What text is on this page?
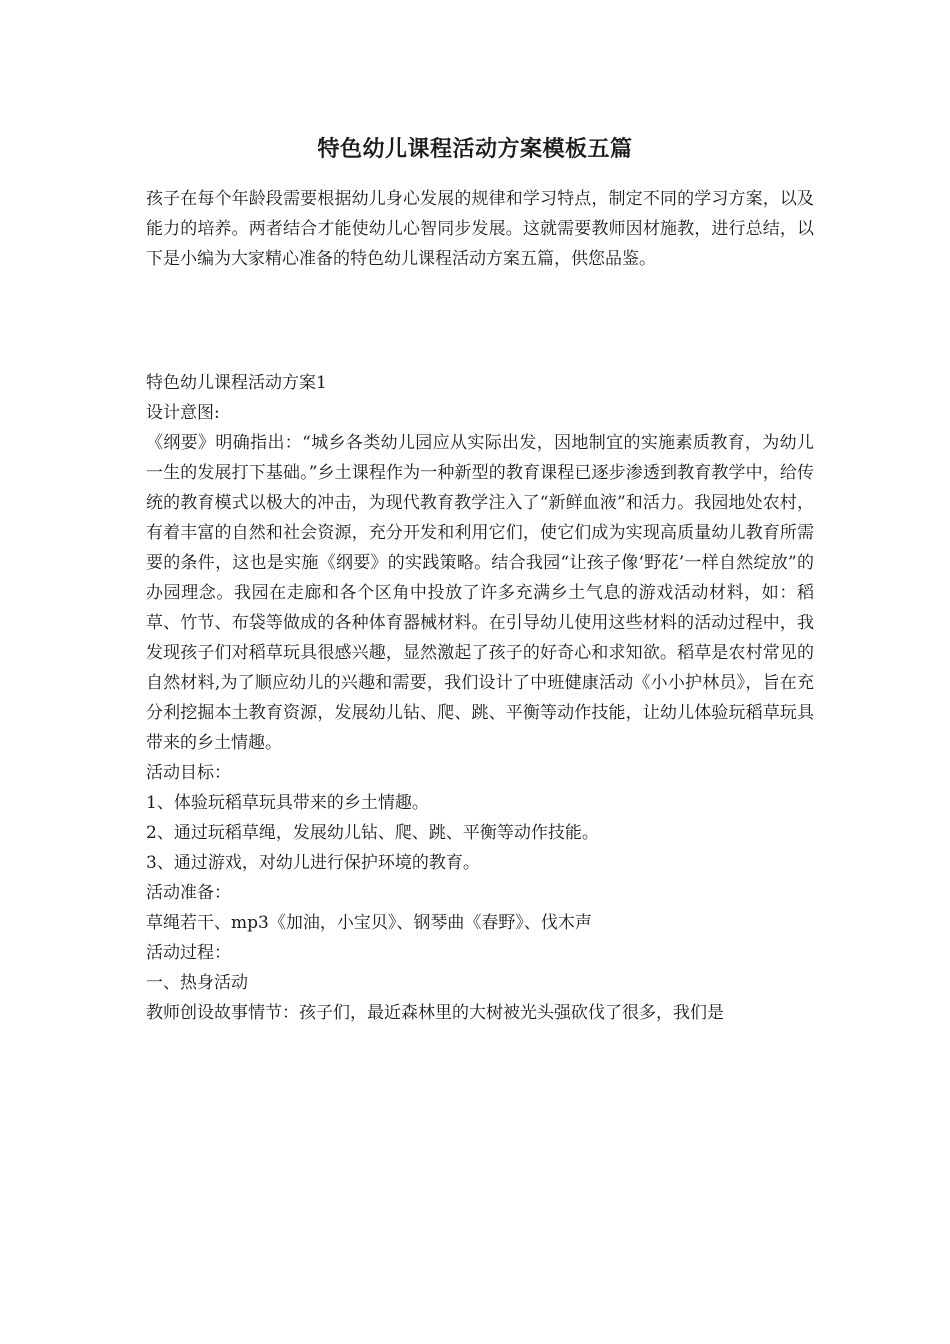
特色幼儿课程活动方案模板五篇

孩子在每个年龄段需要根据幼儿身心发展的规律和学习特点，制定不同的学习方案，以及能力的培养。两者结合才能使幼儿心智同步发展。这就需要教师因材施教，进行总结，以下是小编为大家精心准备的特色幼儿课程活动方案五篇，供您品鉴。

特色幼儿课程活动方案1

设计意图:

《纲要》明确指出：“城乡各类幼儿园应从实际出发，因地制宜的实施素质教育，为幼儿一生的发展打下基础。”乡土课程作为一种新型的教育课程已逐步渗透到教育教学中，给传统的教育模式以极大的冲击，为现代教育教学注入了“新鲜血液”和活力。我园地处农村，有着丰富的自然和社会资源，充分开发和利用它们，使它们成为实现高质量幼儿教育所需要的条件，这也是实施《纲要》的实践策略。结合我园“让孩子像‘野花’一样自然绽放”的办园理念。我园在走廊和各个区角中投放了许多充满乡土气息的游戏活动材料，如：稻草、竹节、布袋等做成的各种体育器械材料。在引导幼儿使用这些材料的活动过程中，我发现孩子们对稻草玩具很感兴趣，显然激起了孩子的好奇心和求知欲。稻草是农村常见的自然材料,为了顺应幼儿的兴趣和需要，我们设计了中班健康活动《小小护林员》，旨在充分利挖掘本土教育资源，发展幼儿钻、爬、跳、平衡等动作技能，让幼儿体验玩稻草玩具带来的乡土情趣。

活动目标：

1、体验玩稻草玩具带来的乡土情趣。

2、通过玩稻草绳，发展幼儿钻、爬、跳、平衡等动作技能。

3、通过游戏，对幼儿进行保护环境的教育。

活动准备：

草绳若干、mp3《加油，小宝贝》、钢琴曲《春野》、伐木声

活动过程：

一、热身活动

教师创设故事情节：孩子们，最近森林里的大树被光头强砍伐了很多，我们是
